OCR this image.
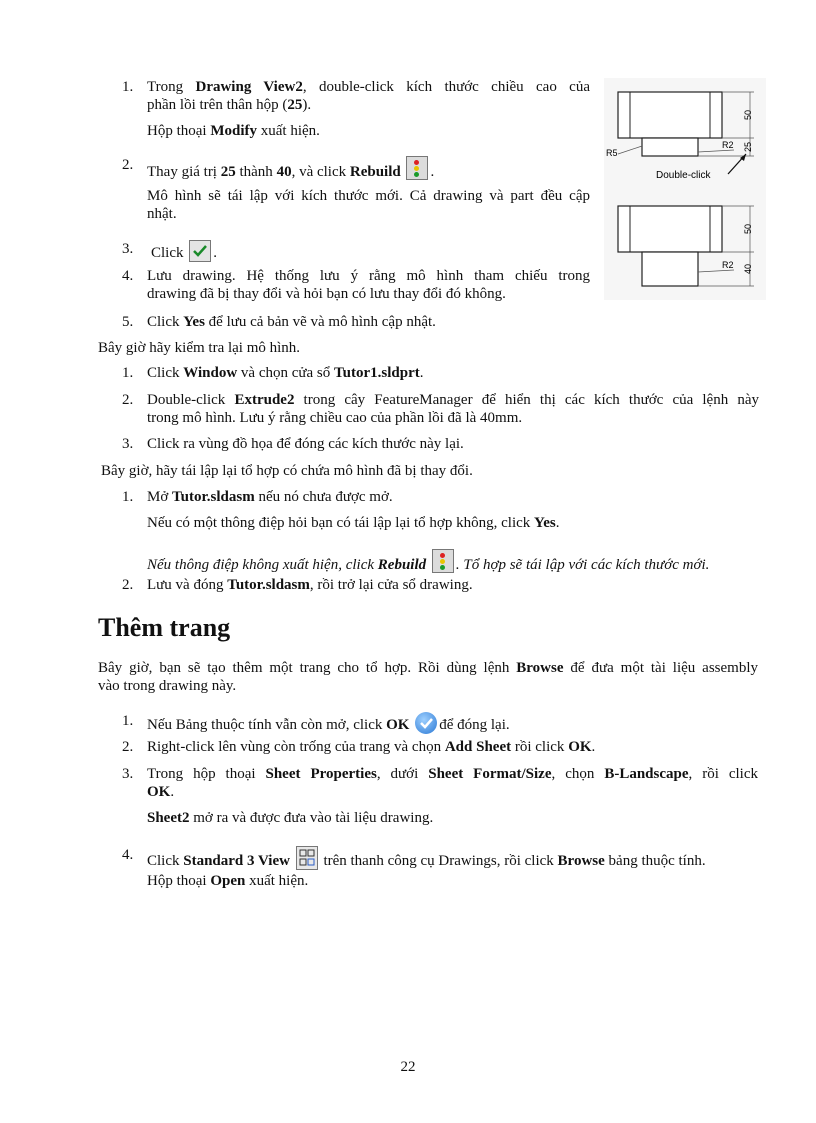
1. Trong Drawing View2, double-click kích thước chiều cao của
phần lồi trên thân hộp (25).
Hộp thoại Modify xuất hiện.
2. Thay giá trị 25 thành 40, và click Rebuild .
Mô hình sẽ tái lập với kích thước mới. Cả drawing và part đều cập
nhật.
3. Click .
4. Lưu drawing. Hệ thống lưu ý rằng mô hình tham chiếu trong
drawing đã bị thay đổi và hỏi bạn có lưu thay đổi đó không.
5. Click Yes để lưu cả bản vẽ và mô hình cập nhật.
50
25
R5
R2
Double-click
50
40
R2
Bây giờ hãy kiểm tra lại mô hình.
1. Click Window và chọn cửa sổ Tutor1.sldprt.
2. Double-click Extrude2 trong cây FeatureManager để hiển thị các kích thước của lệnh này
trong mô hình. Lưu ý rằng chiều cao của phần lồi đã là 40mm.
3. Click ra vùng đồ họa để đóng các kích thước này lại.
Bây giờ, hãy tái lập lại tổ hợp có chứa mô hình đã bị thay đổi.
1. Mở Tutor.sldasm nếu nó chưa được mở.
Nếu có một thông điệp hỏi bạn có tái lập lại tổ hợp không, click Yes.
Nếu thông điệp không xuất hiện, click Rebuild . Tổ hợp sẽ tái lập với các kích thước mới.
2. Lưu và đóng Tutor.sldasm, rồi trở lại cửa sổ drawing.
Thêm trang
Bây giờ, bạn sẽ tạo thêm một trang cho tổ hợp. Rồi dùng lệnh Browse để đưa một tài liệu assembly
vào trong drawing này.
1. Nếu Bảng thuộc tính vẫn còn mở, click OK để đóng lại.
2. Right-click lên vùng còn trống của trang và chọn Add Sheet rồi click OK.
3. Trong hộp thoại Sheet Properties, dưới Sheet Format/Size, chọn B-Landscape, rồi click
OK.
Sheet2 mở ra và được đưa vào tài liệu drawing.
4. Click Standard 3 View  trên thanh công cụ Drawings, rồi click Browse bảng thuộc tính.
Hộp thoại Open xuất hiện.
22
